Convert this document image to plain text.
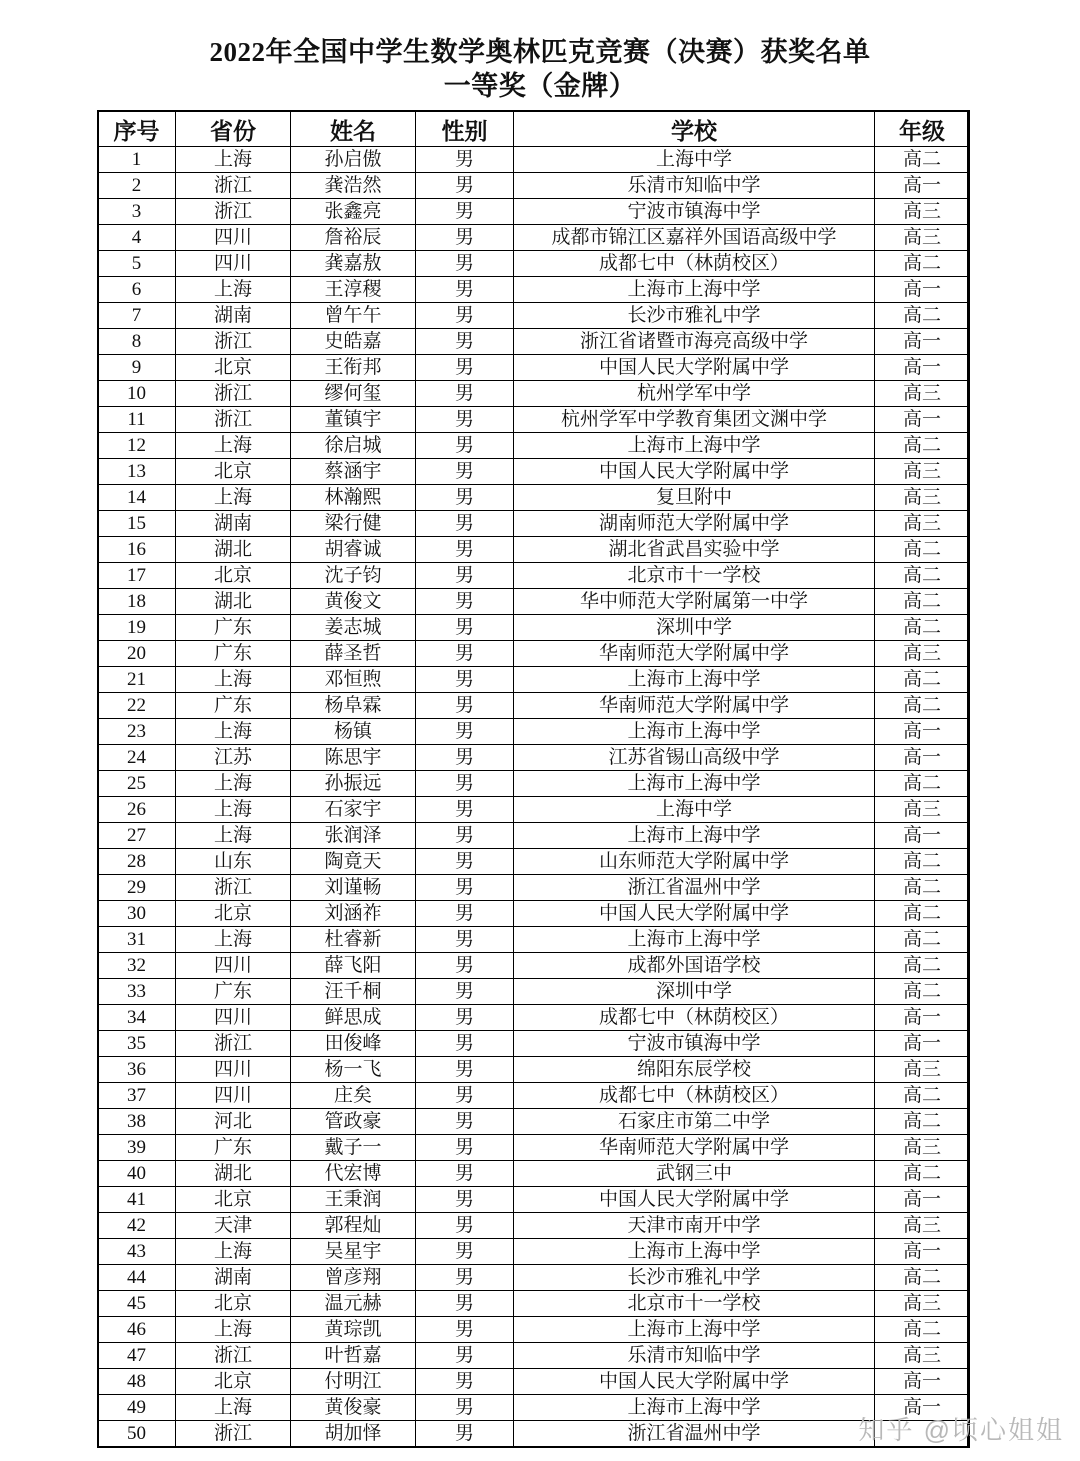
2022年全国中学生数学奥林匹克竞赛（决赛）获奖名单
一等奖（金牌）
序号	省份	姓名	性别	学校	年级
1	上海	孙启傲	男	上海中学	高二
2	浙江	龚浩然	男	乐清市知临中学	高一
3	浙江	张鑫亮	男	宁波市镇海中学	高三
4	四川	詹裕辰	男	成都市锦江区嘉祥外国语高级中学	高三
5	四川	龚嘉敖	男	成都七中（林荫校区）	高二
6	上海	王淳稷	男	上海市上海中学	高一
7	湖南	曾午午	男	长沙市雅礼中学	高二
8	浙江	史皓嘉	男	浙江省诸暨市海亮高级中学	高一
9	北京	王衔邦	男	中国人民大学附属中学	高一
10	浙江	缪何玺	男	杭州学军中学	高三
11	浙江	董镇宇	男	杭州学军中学教育集团文渊中学	高一
12	上海	徐启城	男	上海市上海中学	高二
13	北京	蔡涵宇	男	中国人民大学附属中学	高三
14	上海	林瀚熙	男	复旦附中	高三
15	湖南	梁行健	男	湖南师范大学附属中学	高三
16	湖北	胡睿诚	男	湖北省武昌实验中学	高二
17	北京	沈子钧	男	北京市十一学校	高二
18	湖北	黄俊文	男	华中师范大学附属第一中学	高二
19	广东	姜志城	男	深圳中学	高二
20	广东	薛圣哲	男	华南师范大学附属中学	高三
21	上海	邓恒煦	男	上海市上海中学	高二
22	广东	杨阜霖	男	华南师范大学附属中学	高二
23	上海	杨镇	男	上海市上海中学	高一
24	江苏	陈思宇	男	江苏省锡山高级中学	高一
25	上海	孙振远	男	上海市上海中学	高二
26	上海	石家宇	男	上海中学	高三
27	上海	张润泽	男	上海市上海中学	高一
28	山东	陶竟天	男	山东师范大学附属中学	高二
29	浙江	刘谨畅	男	浙江省温州中学	高二
30	北京	刘涵祚	男	中国人民大学附属中学	高二
31	上海	杜睿新	男	上海市上海中学	高二
32	四川	薛飞阳	男	成都外国语学校	高二
33	广东	汪千桐	男	深圳中学	高二
34	四川	鲜思成	男	成都七中（林荫校区）	高一
35	浙江	田俊峰	男	宁波市镇海中学	高一
36	四川	杨一飞	男	绵阳东辰学校	高三
37	四川	庄矣	男	成都七中（林荫校区）	高二
38	河北	管政豪	男	石家庄市第二中学	高二
39	广东	戴子一	男	华南师范大学附属中学	高三
40	湖北	代宏博	男	武钢三中	高二
41	北京	王秉润	男	中国人民大学附属中学	高一
42	天津	郭程灿	男	天津市南开中学	高三
43	上海	吴星宇	男	上海市上海中学	高一
44	湖南	曾彦翔	男	长沙市雅礼中学	高二
45	北京	温元赫	男	北京市十一学校	高三
46	上海	黄琮凯	男	上海市上海中学	高二
47	浙江	叶哲嘉	男	乐清市知临中学	高三
48	北京	付明江	男	中国人民大学附属中学	高一
49	上海	黄俊豪	男	上海市上海中学	高一
50	浙江	胡加怿	男	浙江省温州中学		知乎 @顷心姐姐
